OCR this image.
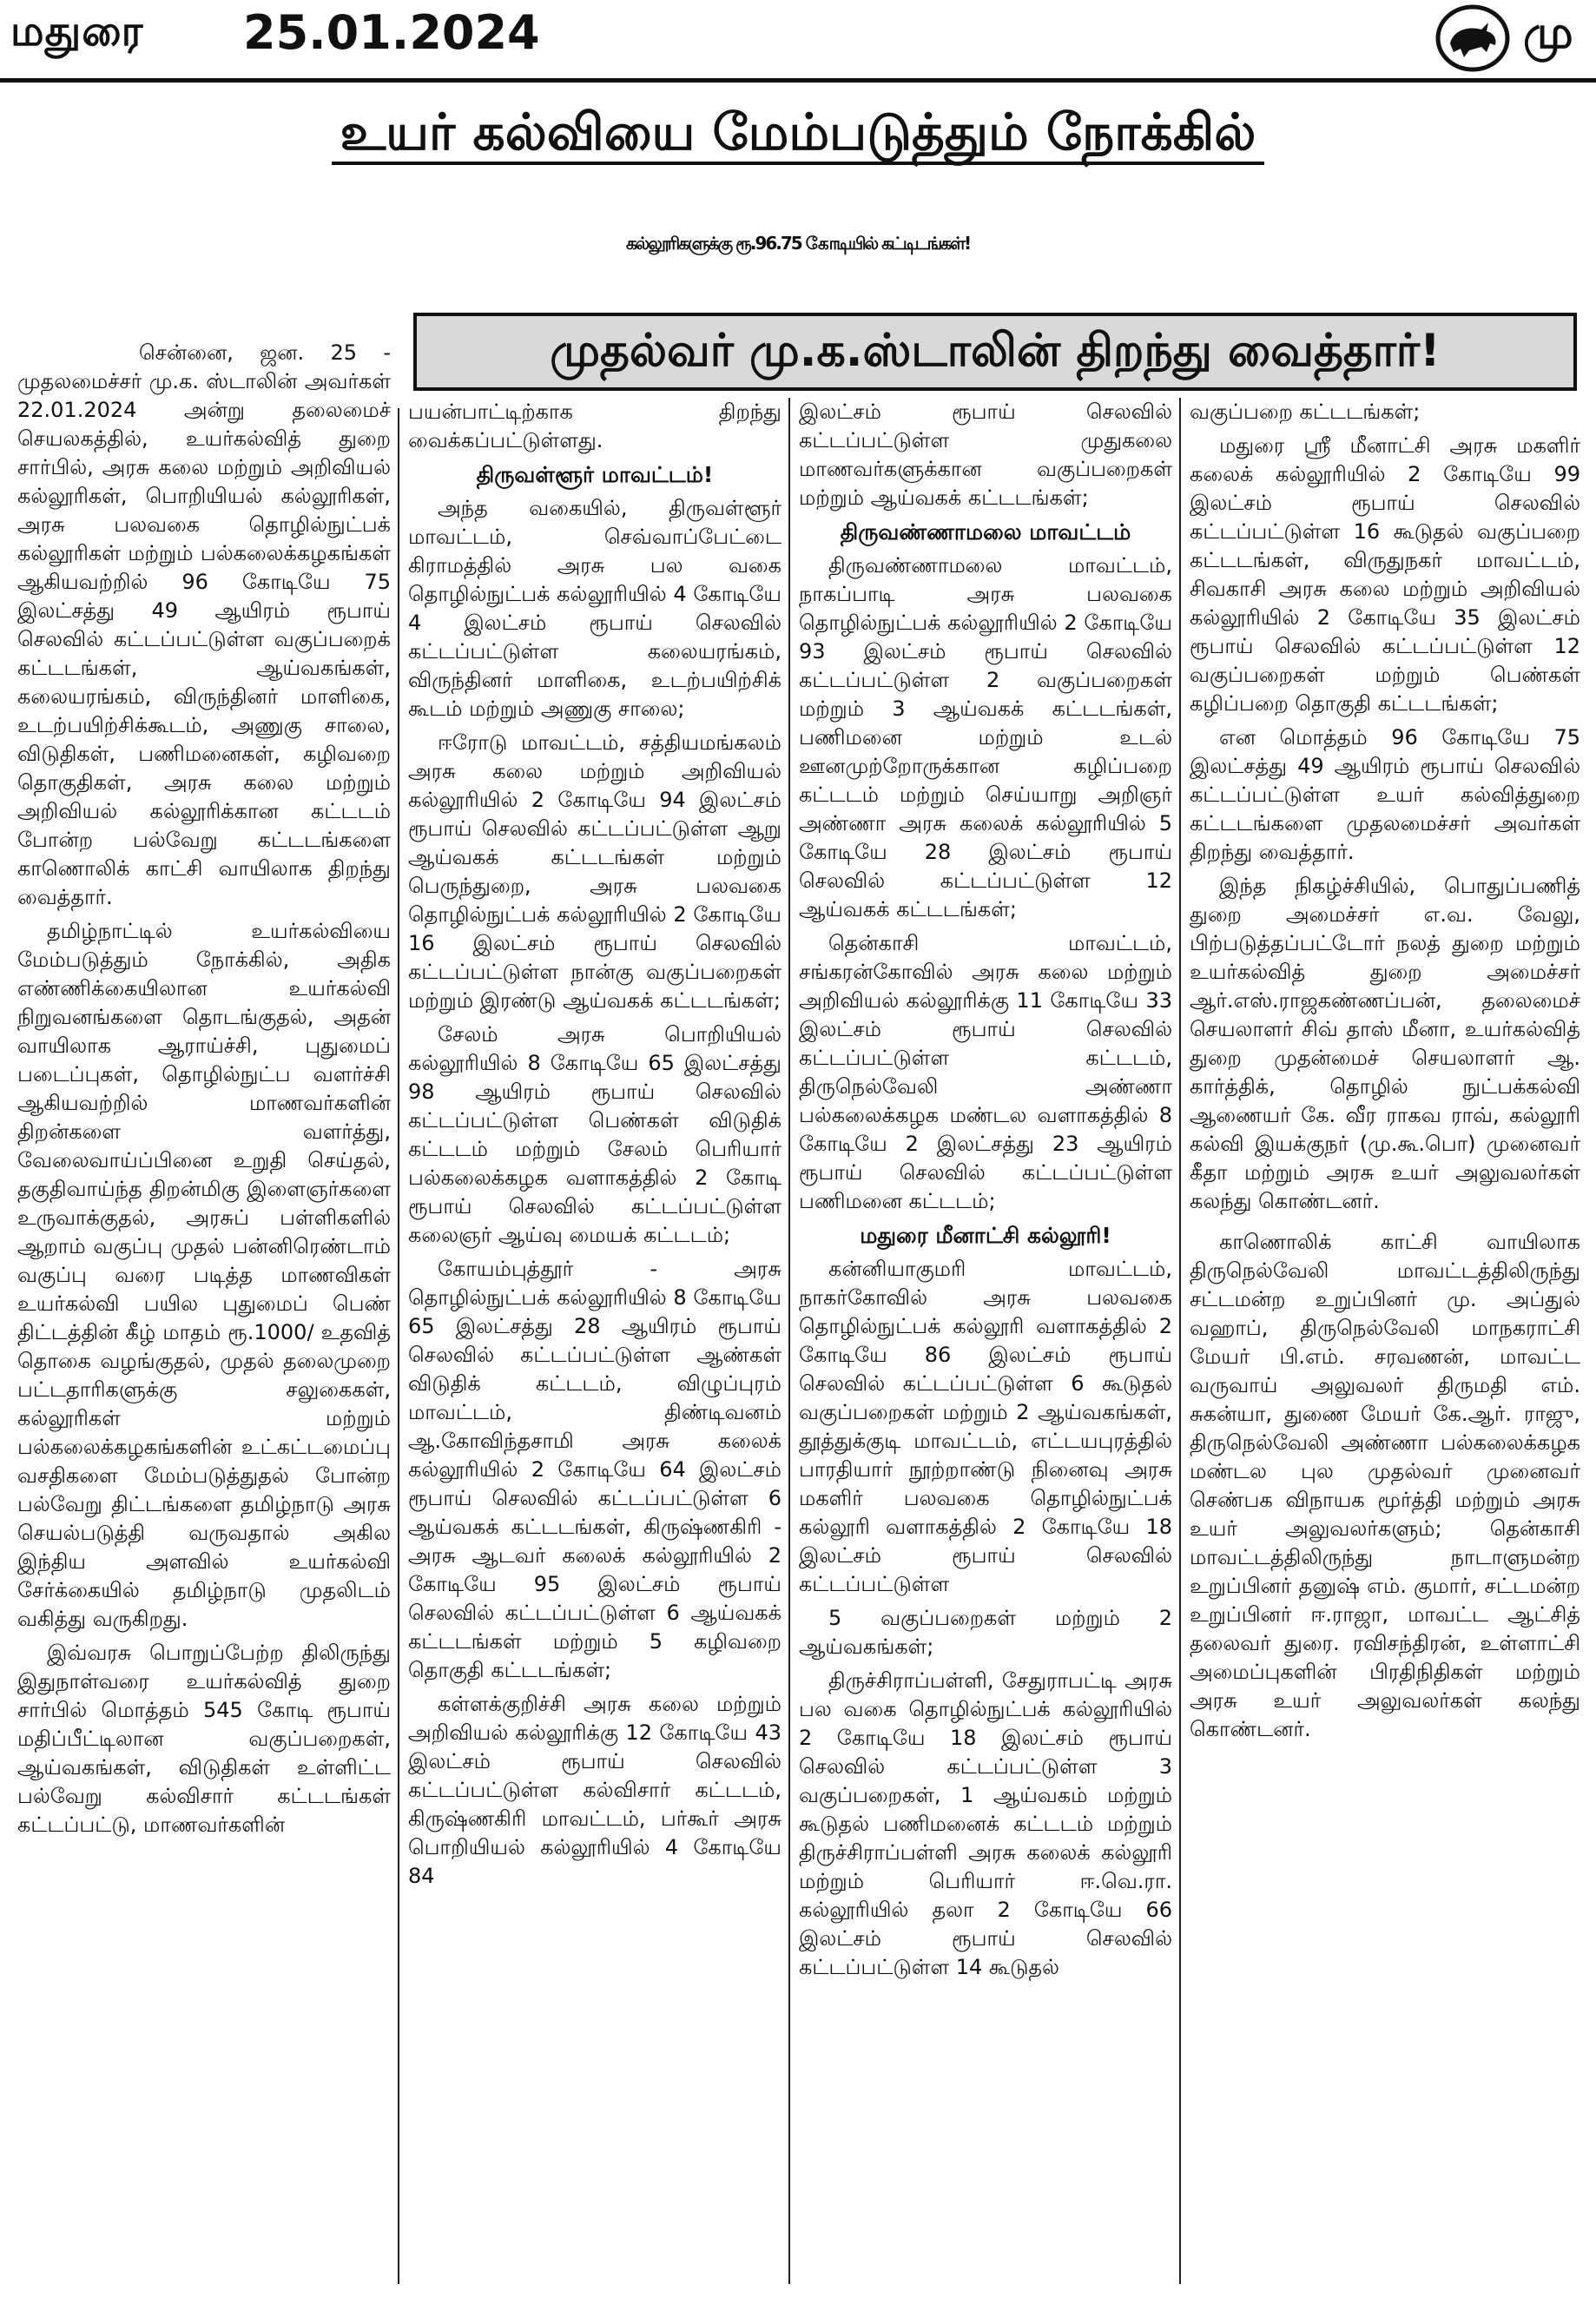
மதுரை 25.01.2024	மு
உயர் கல்வியை மேம்படுத்தும் நோக்கில்
கல்லூரிகளுக்கு ரூ.96.75 கோடியில் கட்டிடங்கள்!
முதல்வர் மு.க.ஸ்டாலின் திறந்து வைத்தார்!

சென்னை, ஜன. 25 - முதலமைச்சர் மு.க. ஸ்டாலின் அவர்கள் 22.01.2024 அன்று தலைமைச் செயலகத்தில், உயர்கல்வித் துறை சார்பில், அரசு கலை மற்றும் அறிவியல் கல்லூரிகள், பொறியியல் கல்லூரிகள், அரசு பலவகை தொழில்நுட்பக் கல்லூரிகள் மற்றும் பல்கலைக்கழகங்கள் ஆகியவற்றில் 96 கோடியே 75 இலட்சத்து 49 ஆயிரம் ரூபாய் செலவில் கட்டப்பட்டுள்ள வகுப்பறைக் கட்டடங்கள், ஆய்வகங்கள், கலையரங்கம், விருந்தினர் மாளிகை, உடற்பயிற்சிக்கூடம், அணுகு சாலை, விடுதிகள், பணிமனைகள், கழிவறை தொகுதிகள், அரசு கலை மற்றும் அறிவியல் கல்லூரிக்கான கட்டடம் போன்ற பல்வேறு கட்டடங்களை காணொலிக் காட்சி வாயிலாக திறந்து வைத்தார்.

தமிழ்நாட்டில் உயர்கல்வியை மேம்படுத்தும் நோக்கில், அதிக எண்ணிக்கையிலான உயர்கல்வி நிறுவனங்களை தொடங்குதல், அதன் வாயிலாக ஆராய்ச்சி, புதுமைப் படைப்புகள், தொழில்நுட்ப வளர்ச்சி ஆகியவற்றில் மாணவர்களின் திறன்களை வளர்த்து, வேலைவாய்ப்பினை உறுதி செய்தல், தகுதிவாய்ந்த திறன்மிகு இளைஞர்களை உருவாக்குதல், அரசுப் பள்ளிகளில் ஆறாம் வகுப்பு முதல் பன்னிரெண்டாம் வகுப்பு வரை படித்த மாணவிகள் உயர்கல்வி பயில புதுமைப் பெண் திட்டத்தின் கீழ் மாதம் ரூ.1000/ உதவித் தொகை வழங்குதல், முதல் தலைமுறை பட்டதாரிகளுக்கு சலுகைகள், கல்லூரிகள் மற்றும் பல்கலைக்கழகங்களின் உட்கட்டமைப்பு வசதிகளை மேம்படுத்துதல் போன்ற பல்வேறு திட்டங்களை தமிழ்நாடு அரசு செயல்படுத்தி வருவதால் அகில இந்திய அளவில் உயர்கல்வி சேர்க்கையில் தமிழ்நாடு முதலிடம் வகித்து வருகிறது.

இவ்வரசு பொறுப்பேற்ற திலிருந்து இதுநாள்வரை உயர்கல்வித் துறை சார்பில் மொத்தம் 545 கோடி ரூபாய் மதிப்பீட்டிலான வகுப்பறைகள், ஆய்வகங்கள், விடுதிகள் உள்ளிட்ட பல்வேறு கல்விசார் கட்டடங்கள் கட்டப்பட்டு, மாணவர்களின்

பயன்பாட்டிற்காக திறந்து வைக்கப்பட்டுள்ளது.

திருவள்ளூர் மாவட்டம்!

அந்த வகையில், திருவள்ளூர் மாவட்டம், செவ்வாப்பேட்டை கிராமத்தில் அரசு பல வகை தொழில்நுட்பக் கல்லூரியில் 4 கோடியே 4 இலட்சம் ரூபாய் செலவில் கட்டப்பட்டுள்ள கலையரங்கம், விருந்தினர் மாளிகை, உடற்பயிற்சிக் கூடம் மற்றும் அணுகு சாலை;

ஈரோடு மாவட்டம், சத்தியமங்கலம் அரசு கலை மற்றும் அறிவியல் கல்லூரியில் 2 கோடியே 94 இலட்சம் ரூபாய் செலவில் கட்டப்பட்டுள்ள ஆறு ஆய்வகக் கட்டடங்கள் மற்றும் பெருந்துறை, அரசு பலவகை தொழில்நுட்பக் கல்லூரியில் 2 கோடியே 16 இலட்சம் ரூபாய் செலவில் கட்டப்பட்டுள்ள நான்கு வகுப்பறைகள் மற்றும் இரண்டு ஆய்வகக் கட்டடங்கள்;

சேலம் அரசு பொறியியல் கல்லூரியில் 8 கோடியே 65 இலட்சத்து 98 ஆயிரம் ரூபாய் செலவில் கட்டப்பட்டுள்ள பெண்கள் விடுதிக் கட்டடம் மற்றும் சேலம் பெரியார் பல்கலைக்கழக வளாகத்தில் 2 கோடி ரூபாய் செலவில் கட்டப்பட்டுள்ள கலைஞர் ஆய்வு மையக் கட்டடம்;

கோயம்புத்தூர் - அரசு தொழில்நுட்பக் கல்லூரியில் 8 கோடியே 65 இலட்சத்து 28 ஆயிரம் ரூபாய் செலவில் கட்டப்பட்டுள்ள ஆண்கள் விடுதிக் கட்டடம், விழுப்புரம் மாவட்டம், திண்டிவனம் ஆ.கோவிந்தசாமி அரசு கலைக் கல்லூரியில் 2 கோடியே 64 இலட்சம் ரூபாய் செலவில் கட்டப்பட்டுள்ள 6 ஆய்வகக் கட்டடங்கள், கிருஷ்ணகிரி - அரசு ஆடவர் கலைக் கல்லூரியில் 2 கோடியே 95 இலட்சம் ரூபாய் செலவில் கட்டப்பட்டுள்ள 6 ஆய்வகக் கட்டடங்கள் மற்றும் 5 கழிவறை தொகுதி கட்டடங்கள்;

கள்ளக்குறிச்சி அரசு கலை மற்றும் அறிவியல் கல்லூரிக்கு 12 கோடியே 43 இலட்சம் ரூபாய் செலவில் கட்டப்பட்டுள்ள கல்விசார் கட்டடம், கிருஷ்ணகிரி மாவட்டம், பர்கூர் அரசு பொறியியல் கல்லூரியில் 4 கோடியே 84

இலட்சம் ரூபாய் செலவில் கட்டப்பட்டுள்ள முதுகலை மாணவர்களுக்கான வகுப்பறைகள் மற்றும் ஆய்வகக் கட்டடங்கள்;

திருவண்ணாமலை மாவட்டம்

திருவண்ணாமலை மாவட்டம், நாகப்பாடி அரசு பலவகை தொழில்நுட்பக் கல்லூரியில் 2 கோடியே 93 இலட்சம் ரூபாய் செலவில் கட்டப்பட்டுள்ள 2 வகுப்பறைகள் மற்றும் 3 ஆய்வகக் கட்டடங்கள், பணிமனை மற்றும் உடல் ஊனமுற்றோருக்கான கழிப்பறை கட்டடம் மற்றும் செய்யாறு அறிஞர் அண்ணா அரசு கலைக் கல்லூரியில் 5 கோடியே 28 இலட்சம் ரூபாய் செலவில் கட்டப்பட்டுள்ள 12 ஆய்வகக் கட்டடங்கள்;

தென்காசி மாவட்டம், சங்கரன்கோவில் அரசு கலை மற்றும் அறிவியல் கல்லூரிக்கு 11 கோடியே 33 இலட்சம் ரூபாய் செலவில் கட்டப்பட்டுள்ள கட்டடம், திருநெல்வேலி அண்ணா பல்கலைக்கழக மண்டல வளாகத்தில் 8 கோடியே 2 இலட்சத்து 23 ஆயிரம் ரூபாய் செலவில் கட்டப்பட்டுள்ள பணிமனை கட்டடம்;

மதுரை மீனாட்சி கல்லூரி!

கன்னியாகுமரி மாவட்டம், நாகர்கோவில் அரசு பலவகை தொழில்நுட்பக் கல்லூரி வளாகத்தில் 2 கோடியே 86 இலட்சம் ரூபாய் செலவில் கட்டப்பட்டுள்ள 6 கூடுதல் வகுப்பறைகள் மற்றும் 2 ஆய்வகங்கள், தூத்துக்குடி மாவட்டம், எட்டயபுரத்தில் பாரதியார் நூற்றாண்டு நினைவு அரசு மகளிர் பலவகை தொழில்நுட்பக் கல்லூரி வளாகத்தில் 2 கோடியே 18 இலட்சம் ரூபாய் செலவில் கட்டப்பட்டுள்ள

5 வகுப்பறைகள் மற்றும் 2 ஆய்வகங்கள்;

திருச்சிராப்பள்ளி, சேதுராபட்டி அரசு பல வகை தொழில்நுட்பக் கல்லூரியில் 2 கோடியே 18 இலட்சம் ரூபாய் செலவில் கட்டப்பட்டுள்ள 3 வகுப்பறைகள், 1 ஆய்வகம் மற்றும் கூடுதல் பணிமனைக் கட்டடம் மற்றும் திருச்சிராப்பள்ளி அரசு கலைக் கல்லூரி மற்றும் பெரியார் ஈ.வெ.ரா. கல்லூரியில் தலா 2 கோடியே 66 இலட்சம் ரூபாய் செலவில் கட்டப்பட்டுள்ள 14 கூடுதல்

வகுப்பறை கட்டடங்கள்;

மதுரை ஸ்ரீ மீனாட்சி அரசு மகளிர் கலைக் கல்லூரியில் 2 கோடியே 99 இலட்சம் ரூபாய் செலவில் கட்டப்பட்டுள்ள 16 கூடுதல் வகுப்பறை கட்டடங்கள், விருதுநகர் மாவட்டம், சிவகாசி அரசு கலை மற்றும் அறிவியல் கல்லூரியில் 2 கோடியே 35 இலட்சம் ரூபாய் செலவில் கட்டப்பட்டுள்ள 12 வகுப்பறைகள் மற்றும் பெண்கள் கழிப்பறை தொகுதி கட்டடங்கள்;

என மொத்தம் 96 கோடியே 75 இலட்சத்து 49 ஆயிரம் ரூபாய் செலவில் கட்டப்பட்டுள்ள உயர் கல்வித்துறை கட்டடங்களை முதலமைச்சர் அவர்கள் திறந்து வைத்தார்.

இந்த நிகழ்ச்சியில், பொதுப்பணித் துறை அமைச்சர் எ.வ. வேலு, பிற்படுத்தப்பட்டோர் நலத் துறை மற்றும் உயர்கல்வித் துறை அமைச்சர் ஆர்.எஸ்.ராஜகண்ணப்பன், தலைமைச் செயலாளர் சிவ் தாஸ் மீனா, உயர்கல்வித் துறை முதன்மைச் செயலாளர் ஆ. கார்த்திக், தொழில் நுட்பக்கல்வி ஆணையர் கே. வீர ராகவ ராவ், கல்லூரி கல்வி இயக்குநர் (மு.கூ.பொ) முனைவர் கீதா மற்றும் அரசு உயர் அலுவலர்கள் கலந்து கொண்டனர்.

காணொலிக் காட்சி வாயிலாக திருநெல்வேலி மாவட்டத்திலிருந்து சட்டமன்ற உறுப்பினர் மு. அப்துல் வஹாப், திருநெல்வேலி மாநகராட்சி மேயர் பி.எம். சரவணன், மாவட்ட வருவாய் அலுவலர் திருமதி எம். சுகன்யா, துணை மேயர் கே.ஆர். ராஜு, திருநெல்வேலி அண்ணா பல்கலைக்கழக மண்டல புல முதல்வர் முனைவர் செண்பக விநாயக மூர்த்தி மற்றும் அரசு உயர் அலுவலர்களும்; தென்காசி மாவட்டத்திலிருந்து நாடாளுமன்ற உறுப்பினர் தனுஷ் எம். குமார், சட்டமன்ற உறுப்பினர் ஈ.ராஜா, மாவட்ட ஆட்சித் தலைவர் துரை. ரவிசந்திரன், உள்ளாட்சி அமைப்புகளின் பிரதிநிதிகள் மற்றும் அரசு உயர் அலுவலர்கள் கலந்து கொண்டனர்.
